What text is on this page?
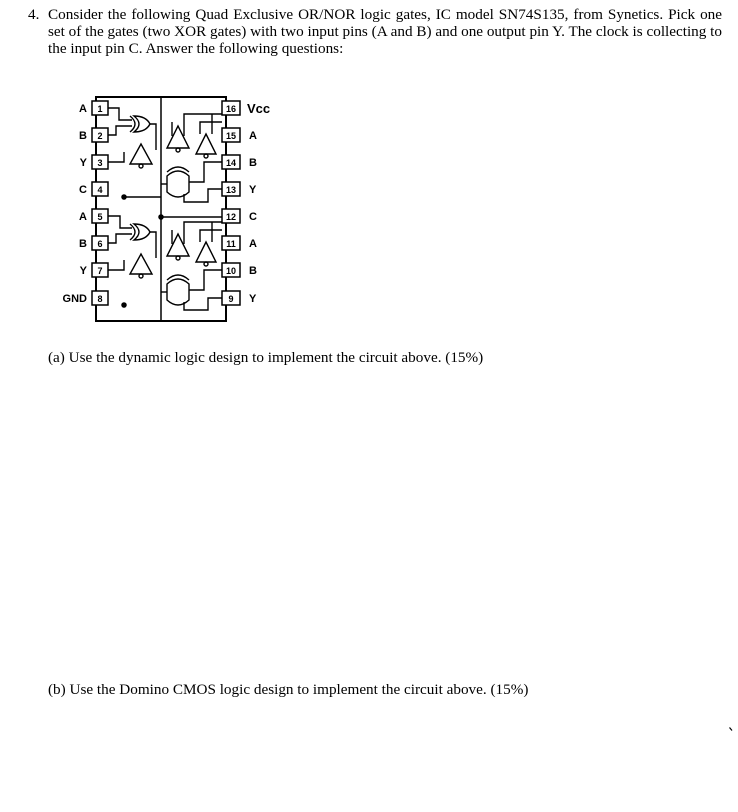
4. Consider the following Quad Exclusive OR/NOR logic gates, IC model SN74S135, from Synetics. Pick one set of the gates (two XOR gates) with two input pins (A and B) and one output pin Y. The clock is collecting to the input pin C. Answer the following questions:
1
2
3
4
5
6
7
8
16
15
14
13
12
11
10
9
A
B
Y
C
A
B
Y
GND
Vcc
A
B
Y
C
A
B
Y
(a) Use the dynamic logic design to implement the circuit above. (15%)
(b) Use the Domino CMOS logic design to implement the circuit above. (15%)
